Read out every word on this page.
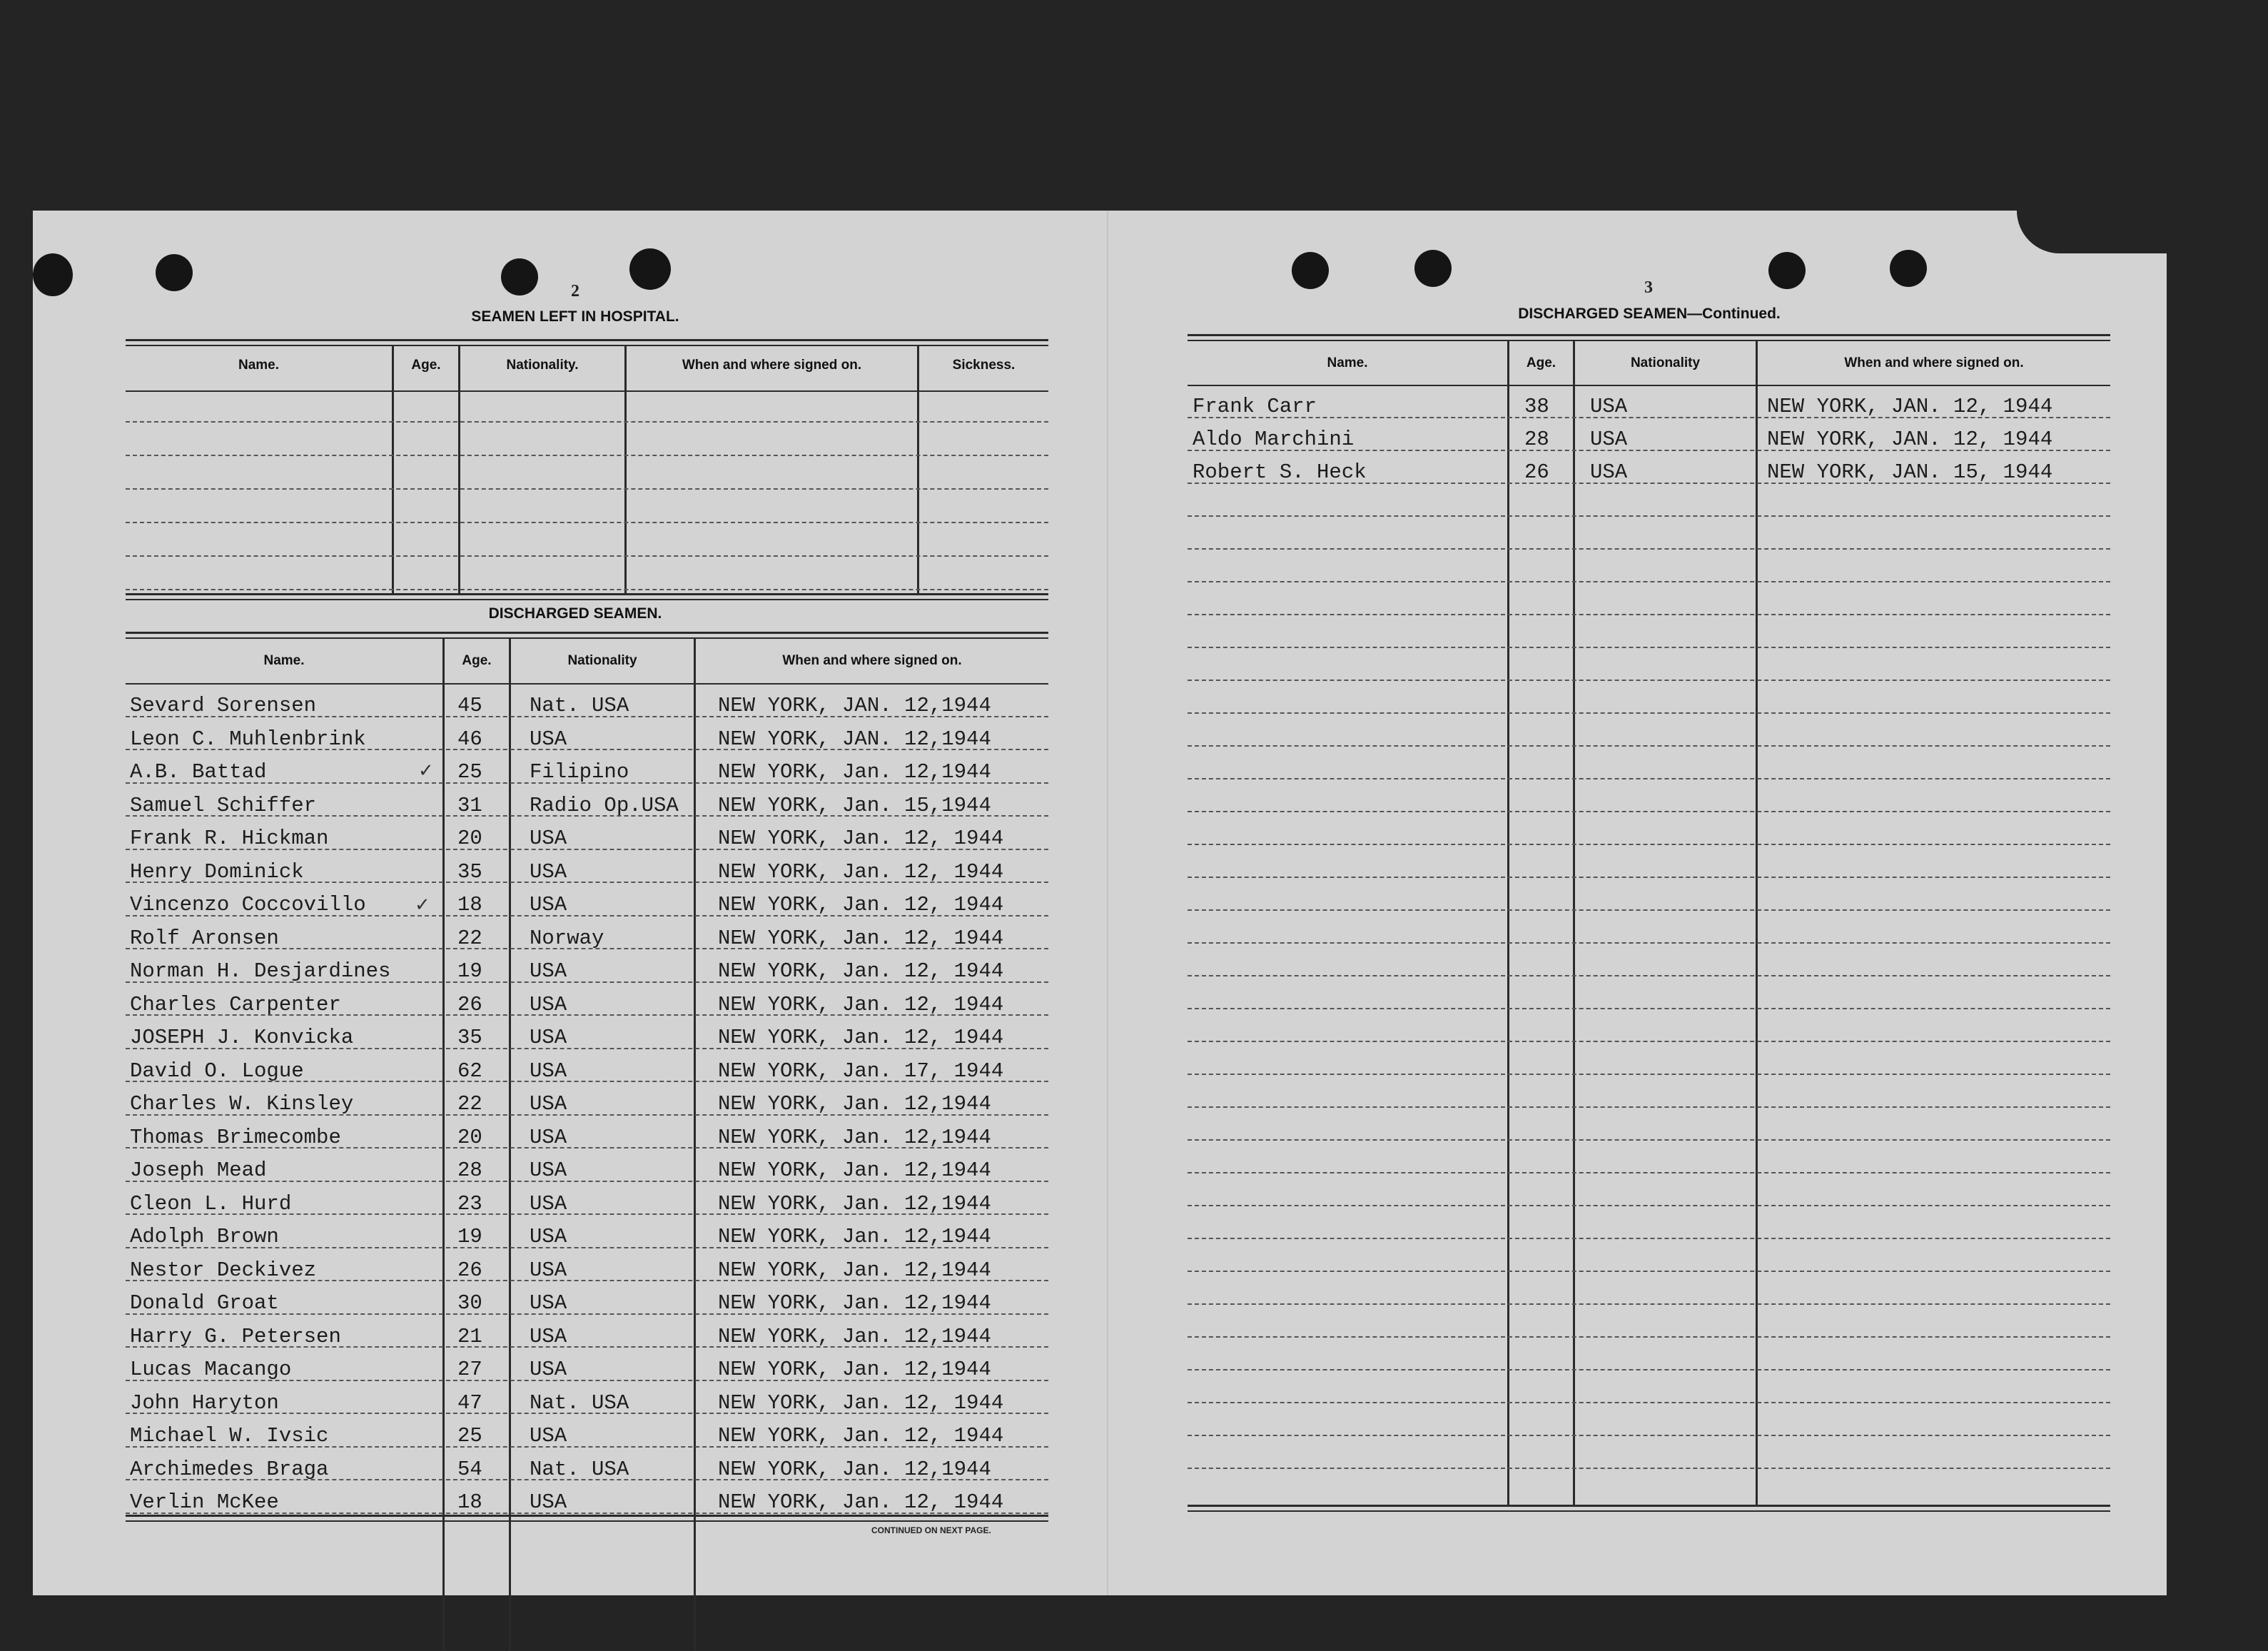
2
SEAMEN LEFT IN HOSPITAL.
Name.	Age.	Nationality.	When and where signed on.	Sickness.
DISCHARGED SEAMEN.
Name.	Age.	Nationality	When and where signed on.
Sevard Sorensen	45 Nat. USA	NEW YORK, JAN. 12,1944
Leon C. Muhlenbrink	46 USA	NEW YORK, JAN. 12,1944
A.B. Battad	25 Filipino	NEW YORK, Jan. 12,1944
Samuel Schiffer	31 Radio Op.USA NEW YORK, Jan. 15,1944
Frank R. Hickman	20 USA	NEW YORK, Jan. 12, 1944
Henry Dominick	35 USA	NEW YORK, Jan. 12, 1944
Vincenzo Coccovillo	18 USA	NEW YORK, Jan. 12, 1944
Rolf Aronsen	22 Norway	NEW YORK, Jan. 12, 1944
Norman H. Desjardines	19 USA	NEW YORK, Jan. 12, 1944
Charles Carpenter	26 USA	NEW YORK, Jan. 12, 1944
JOSEPH J. Konvicka	35 USA	NEW YORK, Jan. 12, 1944
David O. Logue	62 USA	NEW YORK, Jan. 17, 1944
Charles W. Kinsley	22 USA	NEW YORK, Jan. 12,1944
Thomas Brimecombe	20 USA	NEW YORK, Jan. 12,1944
Joseph Mead	28 USA	NEW YORK, Jan. 12,1944
Cleon L. Hurd	23 USA	NEW YORK, Jan. 12,1944
Adolph Brown	19 USA	NEW YORK, Jan. 12,1944
Nestor Deckivez	26 USA	NEW YORK, Jan. 12,1944
Donald Groat	30 USA	NEW YORK, Jan. 12,1944
Harry G. Petersen	21 USA	NEW YORK, Jan. 12,1944
Lucas Macango	27 USA	NEW YORK, Jan. 12,1944
John Haryton	47 Nat. USA	NEW YORK, Jan. 12, 1944
Michael W. Ivsic	25 USA	NEW YORK, Jan. 12, 1944
Archimedes Braga	54 Nat. USA	NEW YORK, Jan. 12,1944
Verlin McKee	18 USA	NEW YORK, Jan. 12, 1944
CONTINUED ON NEXT PAGE.
✓
✓
3
DISCHARGED SEAMEN—Continued.
Name.	Age.	Nationality	When and where signed on.
Frank Carr	38 USA	NEW YORK, JAN. 12, 1944
Aldo Marchini	28 USA	NEW YORK, JAN. 12, 1944
Robert S. Heck	26 USA	NEW YORK, JAN. 15, 1944
